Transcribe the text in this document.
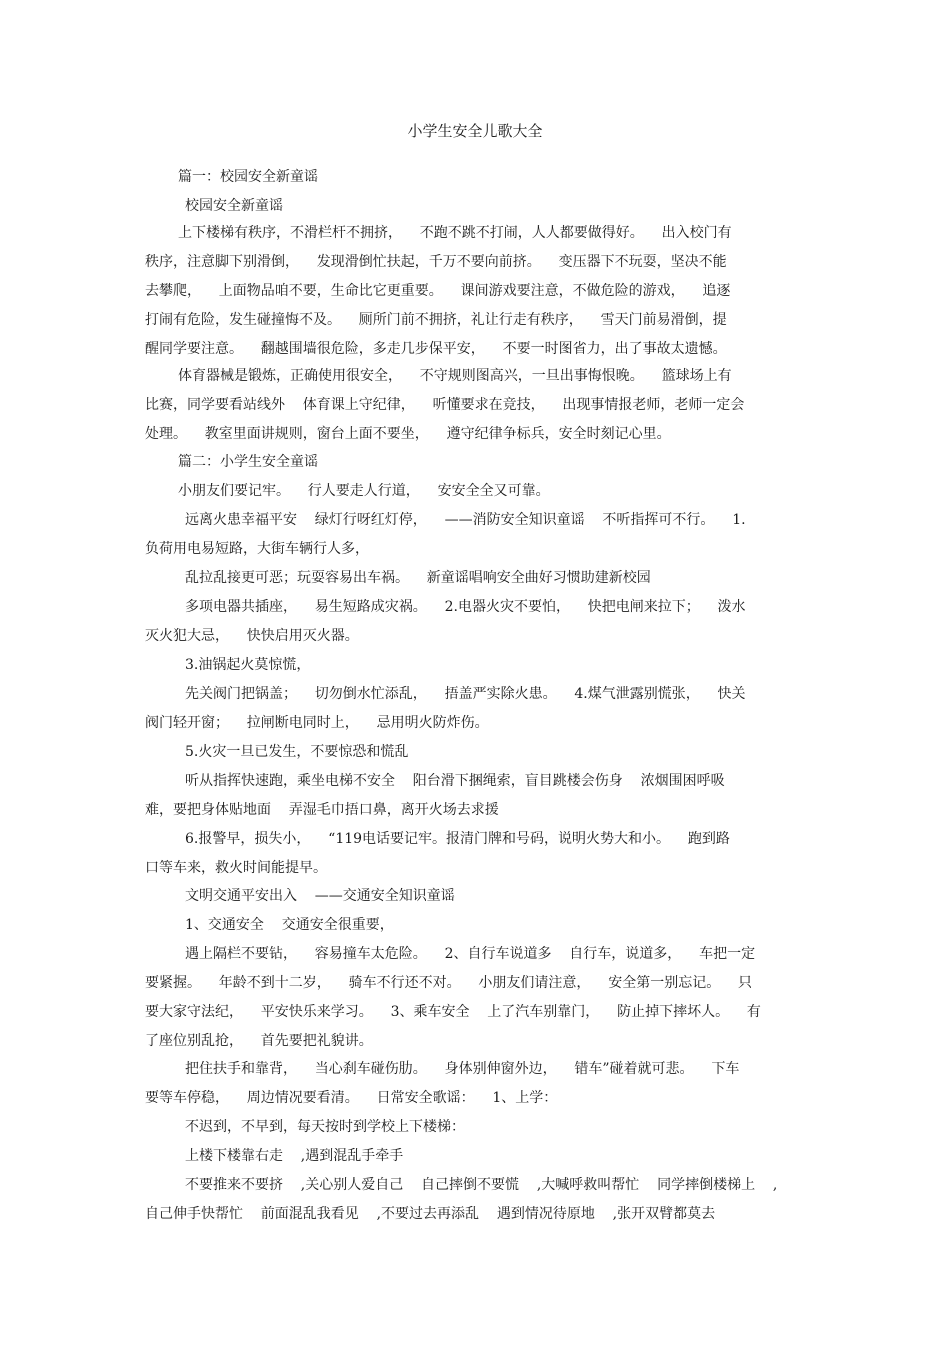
小学生安全儿歌大全
篇一：校园安全新童谣
校园安全新童谣
上下楼梯有秩序，不滑栏杆不拥挤，    不跑不跳不打闹，人人都要做得好。    出入校门有
秩序，注意脚下别滑倒，    发现滑倒忙扶起，千万不要向前挤。    变压器下不玩耍，坚决不能
去攀爬，    上面物品咱不要，生命比它更重要。    课间游戏要注意，不做危险的游戏，    追逐
打闹有危险，发生碰撞悔不及。    厕所门前不拥挤，礼让行走有秩序，    雪天门前易滑倒，提
醒同学要注意。    翻越围墙很危险，多走几步保平安，    不要一时图省力，出了事故太遗憾。
体育器械是锻炼，正确使用很安全，    不守规则图高兴，一旦出事悔恨晚。    篮球场上有
比赛，同学要看站线外    体育课上守纪律，    听懂要求在竞技，    出现事情报老师，老师一定会
处理。    教室里面讲规则，窗台上面不要坐，    遵守纪律争标兵，安全时刻记心里。
篇二：小学生安全童谣
小朋友们要记牢。    行人要走人行道，    安安全全又可靠。
远离火患幸福平安    绿灯行呀红灯停，    ——消防安全知识童谣    不听指挥可不行。    1.
负荷用电易短路，大街车辆行人多，
乱拉乱接更可恶；玩耍容易出车祸。    新童谣唱响安全曲好习惯助建新校园
多项电器共插座，    易生短路成灾祸。    2.电器火灾不要怕，    快把电闸来拉下；    泼水
灭火犯大忌，    快快启用灭火器。
3.油锅起火莫惊慌，
先关阀门把锅盖；    切勿倒水忙添乱，    捂盖严实除火患。    4.煤气泄露别慌张，    快关
阀门轻开窗；    拉闸断电同时上，    忌用明火防炸伤。
5.火灾一旦已发生，不要惊恐和慌乱
听从指挥快速跑，乘坐电梯不安全    阳台滑下捆绳索，盲目跳楼会伤身    浓烟围困呼吸
难，要把身体贴地面    弄湿毛巾捂口鼻，离开火场去求援
6.报警早，损失小，    “119电话要记牢。报清门牌和号码，说明火势大和小。    跑到路
口等车来，救火时间能提早。
文明交通平安出入    ——交通安全知识童谣
1、交通安全    交通安全很重要，
遇上隔栏不要钻，    容易撞车太危险。    2、自行车说道多    自行车，说道多，    车把一定
要紧握。    年龄不到十二岁，    骑车不行还不对。    小朋友们请注意，    安全第一别忘记。    只
要大家守法纪，    平安快乐来学习。    3、乘车安全    上了汽车别靠门，    防止掉下摔坏人。    有
了座位别乱抢，    首先要把礼貌讲。
把住扶手和靠背，    当心刹车碰伤肋。    身体别伸窗外边，    错车”碰着就可悲。    下车
要等车停稳，    周边情况要看清。    日常安全歌谣：    1、上学：
不迟到，不早到，每天按时到学校上下楼梯：
上楼下楼靠右走    ,遇到混乱手牵手
不要推来不要挤    ,关心别人爱自己    自己摔倒不要慌    ,大喊呼救叫帮忙    同学摔倒楼梯上    ,
自己伸手快帮忙    前面混乱我看见    ,不要过去再添乱    遇到情况待原地    ,张开双臂都莫去
